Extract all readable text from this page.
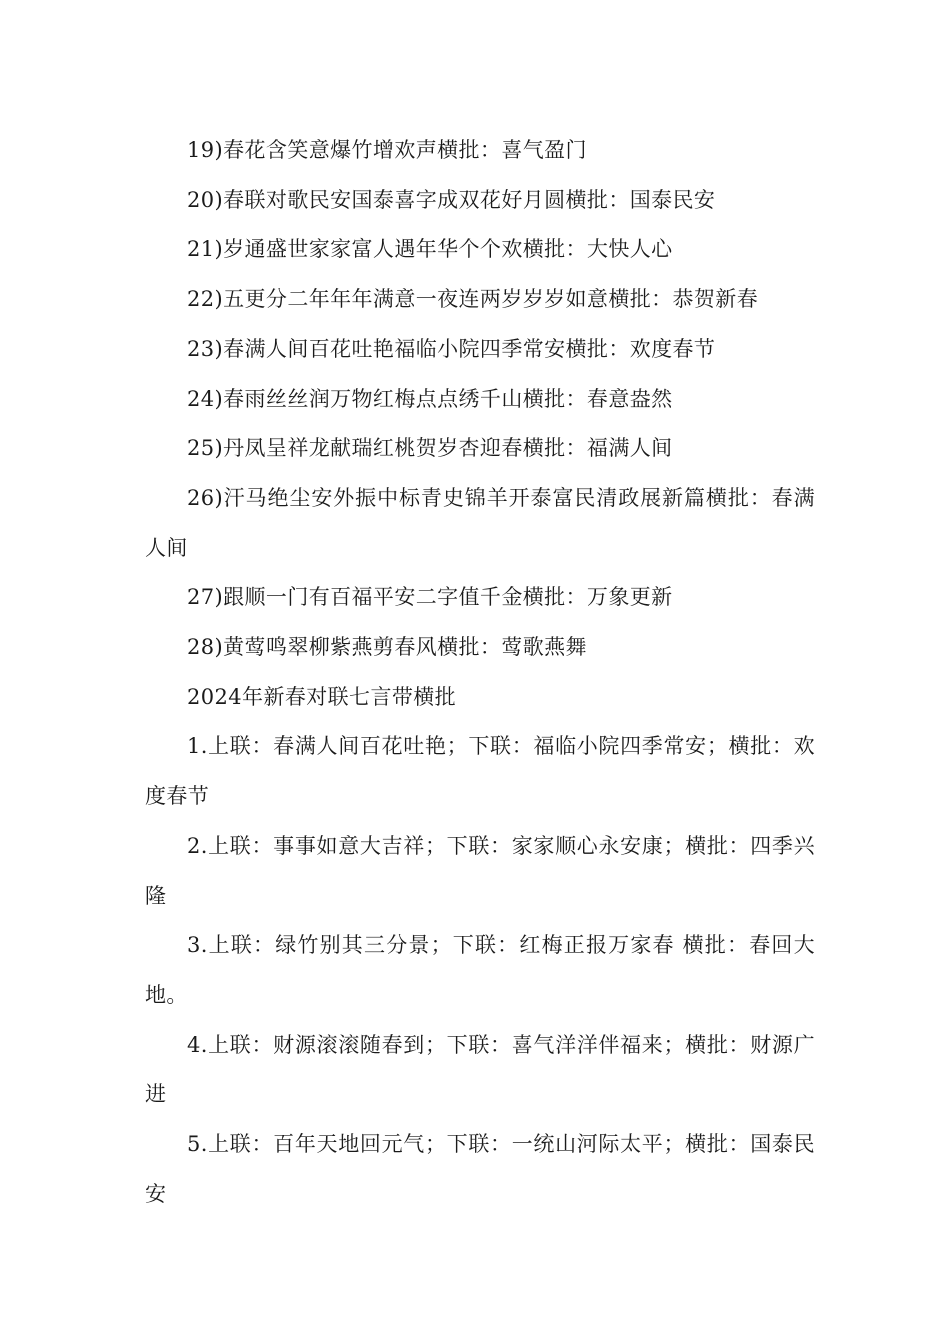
19)春花含笑意爆竹增欢声横批：喜气盈门

20)春联对歌民安国泰喜字成双花好月圆横批：国泰民安

21)岁通盛世家家富人遇年华个个欢横批：大快人心

22)五更分二年年年满意一夜连两岁岁岁如意横批：恭贺新春

23)春满人间百花吐艳福临小院四季常安横批：欢度春节

24)春雨丝丝润万物红梅点点绣千山横批：春意盎然

25)丹凤呈祥龙献瑞红桃贺岁杏迎春横批：福满人间

26)汗马绝尘安外振中标青史锦羊开泰富民清政展新篇横批：春满人间

27)跟顺一门有百福平安二字值千金横批：万象更新

28)黄莺鸣翠柳紫燕剪春风横批：莺歌燕舞

2024年新春对联七言带横批

1.上联：春满人间百花吐艳；下联：福临小院四季常安；横批：欢度春节

2.上联：事事如意大吉祥；下联：家家顺心永安康；横批：四季兴隆

3.上联：绿竹别其三分景；下联：红梅正报万家春 横批：春回大地。

4.上联：财源滚滚随春到；下联：喜气洋洋伴福来；横批：财源广进

5.上联：百年天地回元气；下联：一统山河际太平；横批：国泰民安
